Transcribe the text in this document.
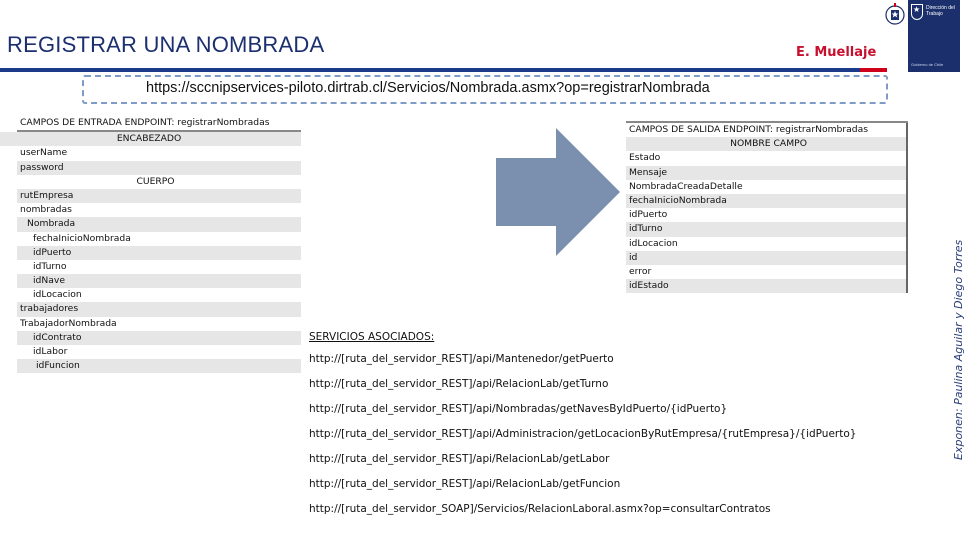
REGISTRAR UNA NOMBRADA	E. Muellaje
★
Dirección del Trabajo
Gobierno de Chile
https://sccnipservices-piloto.dirtrab.cl/Servicios/Nombrada.asmx?op=registrarNombrada
CAMPOS DE ENTRADA ENDPOINT: registrarNombradas
ENCABEZADO
userName
password
CUERPO
rutEmpresa
nombradas
Nombrada
fechaInicioNombrada
idPuerto
idTurno
idNave
idLocacion
trabajadores
TrabajadorNombrada
idContrato
idLabor
idFuncion
CAMPOS DE SALIDA ENDPOINT: registrarNombradas
NOMBRE CAMPO
Estado
Mensaje
NombradaCreadaDetalle
fechaInicioNombrada
idPuerto
idTurno
idLocacion
id
error
idEstado
SERVICIOS ASOCIADOS:
http://[ruta_del_servidor_REST]/api/Mantenedor/getPuerto
http://[ruta_del_servidor_REST]/api/RelacionLab/getTurno
http://[ruta_del_servidor_REST]/api/Nombradas/getNavesByIdPuerto/{idPuerto}
http://[ruta_del_servidor_REST]/api/Administracion/getLocacionByRutEmpresa/{rutEmpresa}/{idPuerto}
http://[ruta_del_servidor_REST]/api/RelacionLab/getLabor
http://[ruta_del_servidor_REST]/api/RelacionLab/getFuncion
http://[ruta_del_servidor_SOAP]/Servicios/RelacionLaboral.asmx?op=consultarContratos
Exponen: Paulina Aguilar y Diego Torres
